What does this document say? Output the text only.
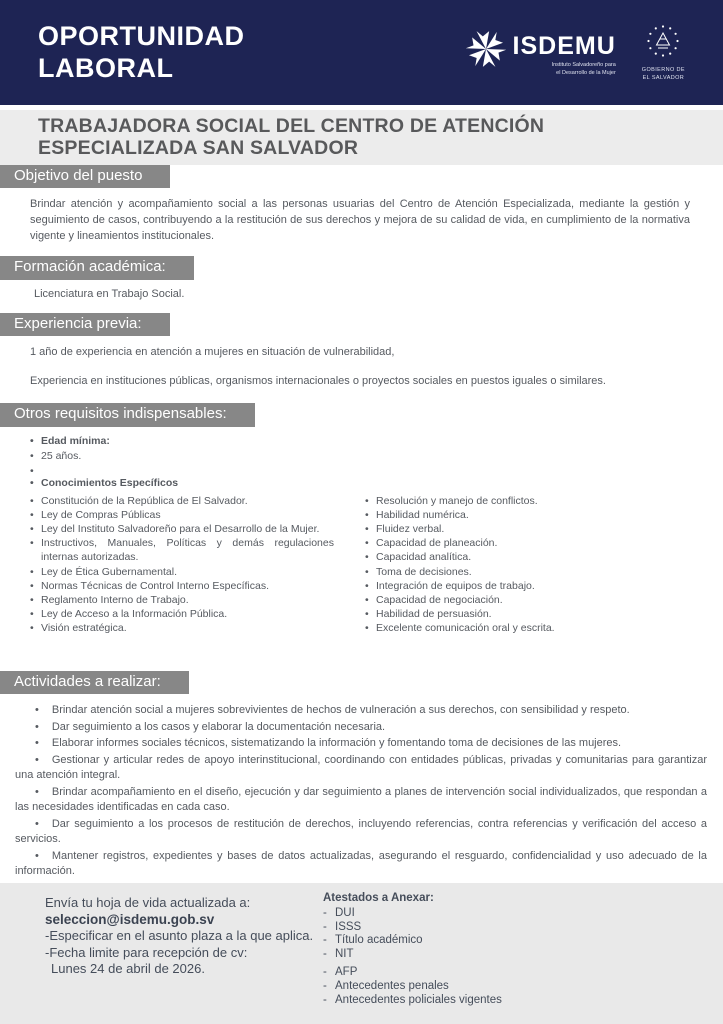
OPORTUNIDAD
LABORAL
ISDEMU
Instituto Salvadoreño para
el Desarrollo de la Mujer	GOBIERNO DE
EL SALVADOR
TRABAJADORA SOCIAL DEL CENTRO DE ATENCIÓN ESPECIALIZADA SAN SALVADOR
Objetivo del puesto

Brindar atención y acompañamiento social a las personas usuarias del Centro de Atención Especializada, mediante la gestión y seguimiento de casos, contribuyendo a la restitución de sus derechos y mejora de su calidad de vida, en cumplimiento de la normativa vigente y lineamientos institucionales.

Formación académica:

Licenciatura en Trabajo Social.

Experiencia previa:

1 año de experiencia en atención a mujeres en situación de vulnerabilidad,

Experiencia en instituciones públicas, organismos internacionales o proyectos sociales en puestos iguales o similares.

Otros requisitos indispensables:
• Edad mínima:
• 25 años.
•
• Conocimientos Específicos
• Constitución de la República de El Salvador.
• Ley de Compras Públicas
• Ley del Instituto Salvadoreño para el Desarrollo de la Mujer.
• Instructivos, Manuales, Políticas y demás regulaciones internas autorizadas.
• Ley de Ética Gubernamental.
• Normas Técnicas de Control Interno Específicas.
• Reglamento Interno de Trabajo.
• Ley de Acceso a la Información Pública.
• Visión estratégica.
• Resolución y manejo de conflictos.
• Habilidad numérica.
• Fluidez verbal.
• Capacidad de planeación.
• Capacidad analítica.
• Toma de decisiones.
• Integración de equipos de trabajo.
• Capacidad de negociación.
• Habilidad de persuasión.
• Excelente comunicación oral y escrita.
Actividades a realizar:
• Brindar atención social a mujeres sobrevivientes de hechos de vulneración a sus derechos, con sensibilidad y respeto.
• Dar seguimiento a los casos y elaborar la documentación necesaria.
• Elaborar informes sociales técnicos, sistematizando la información y fomentando toma de decisiones de las mujeres.
• Gestionar y articular redes de apoyo interinstitucional, coordinando con entidades públicas, privadas y comunitarias para garantizar una atención integral.
• Brindar acompañamiento en el diseño, ejecución y dar seguimiento a planes de intervención social individualizados, que respondan a las necesidades identificadas en cada caso.
• Dar seguimiento a los procesos de restitución de derechos, incluyendo referencias, contra referencias y verificación del acceso a servicios.
• Mantener registros, expedientes y bases de datos actualizadas, asegurando el resguardo, confidencialidad y uso adecuado de la información.
Envía tu hoja de vida actualizada a:
seleccion@isdemu.gob.sv
-Especificar en el asunto plaza a la que aplica.
-Fecha limite para recepción de cv:
Lunes 24 de abril de 2026.
Atestados a Anexar:
- DUI
- ISSS
- Título académico
- NIT
- AFP
- Antecedentes penales
- Antecedentes policiales vigentes
